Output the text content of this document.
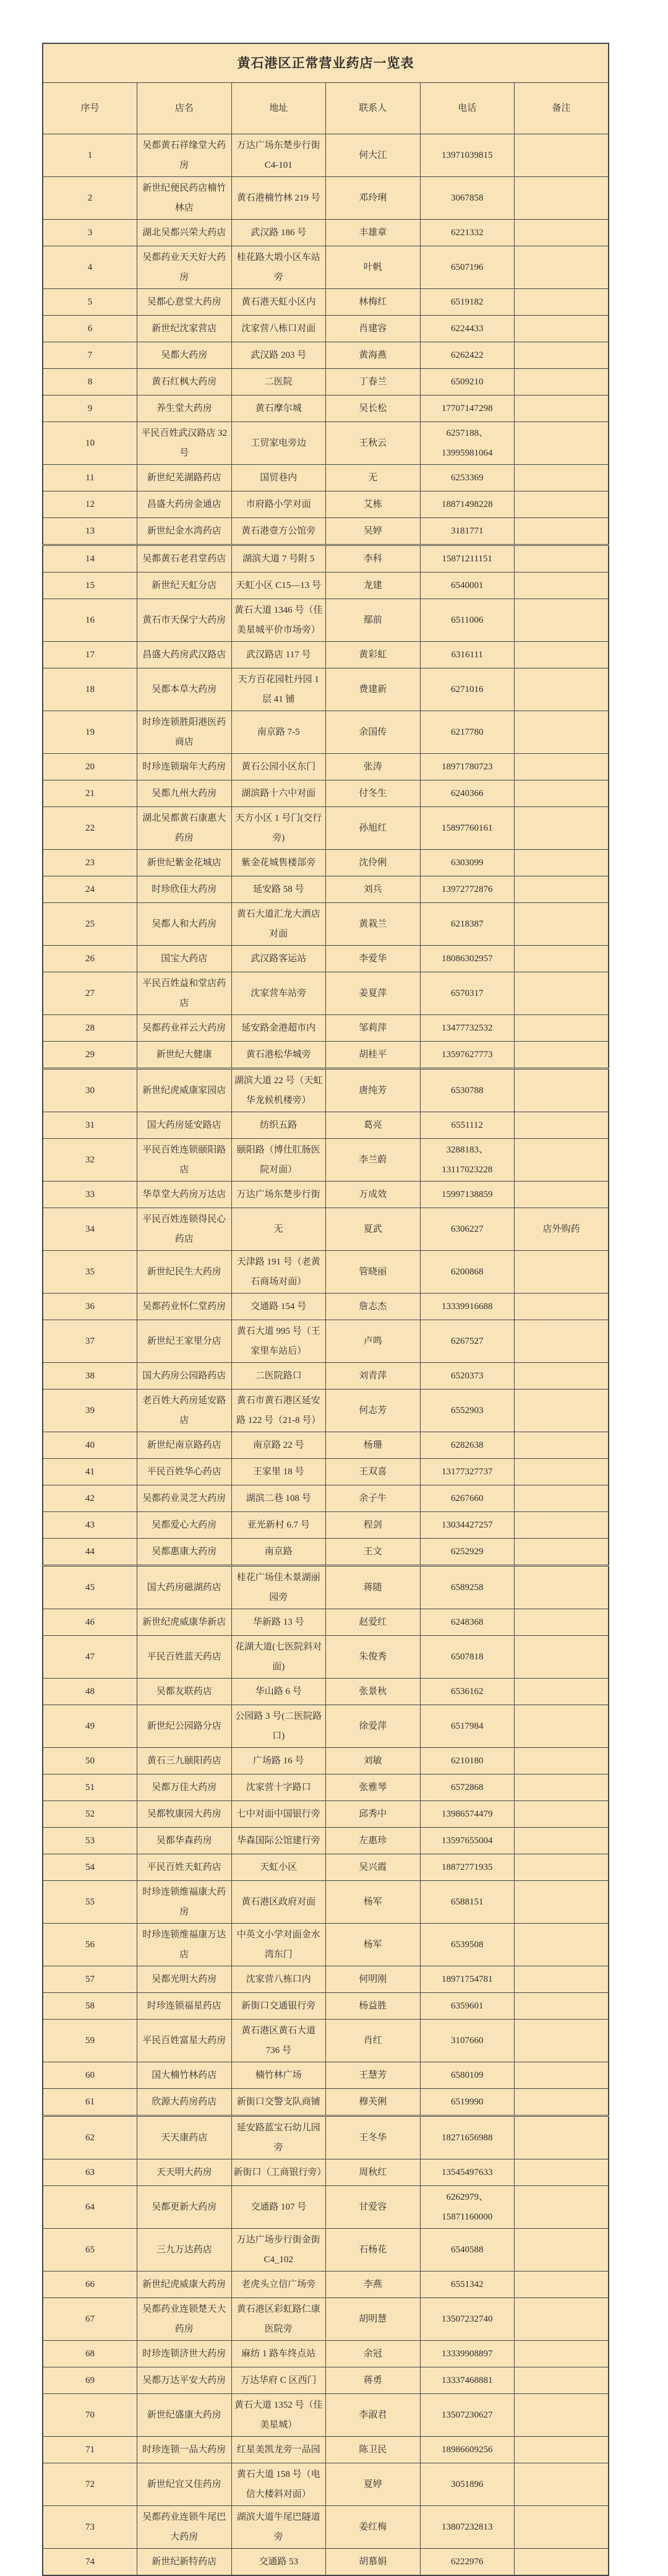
黄石港区正常营业药店一览表					
序号	店名	地址	联系人	电话	备注
1	吴都黄石祥缘堂大药房	万达广场东楚步行街 C4-101	何大江	13971039815	
2	新世纪便民药店楠竹林店	黄石港楠竹林 219 号	邓玲琍	3067858	
3	湖北吴都兴荣大药店	武汉路 186 号	丰雄章	6221332	
4	吴都药业天天好大药房	桂花路大塅小区车站旁	叶帆	6507196	
5	吴都心意堂大药房	黄石港天虹小区内	林梅红	6519182	
6	新世纪沈家营店	沈家营八栋口对面	肖建容	6224433	
7	吴都大药房	武汉路 203 号	黄海燕	6262422	
8	黄石红枫大药房	二医院	丁春兰	6509210	
9	养生堂大药房	黄石摩尔城	吴长松	17707147298	
10	平民百姓武汉路店 32 号	工贸家电旁边	王秋云	6257188、13995981064	
11	新世纪芜湖路药店	国贸巷内	无	6253369	
12	昌盛大药房金通店	市府路小学对面	艾栋	18871498228	
13	新世纪金水湾药店	黄石港壹方公馆旁	吴婷	3181771	
14	吴都黄石老君堂药店	湖滨大道 7 号附 5	李科	15871211151	
15	新世纪天虹分店	天虹小区 C15—13 号	龙建	6540001	
16	黄石市天保宁大药房	黄石大道 1346 号（佳美星城平价市场旁）	鄢前	6511006	
17	昌盛大药房武汉路店	武汉路店 117 号	黄彩虹	6316111	
18	吴都本草大药房	天方百花园牡丹园 1 层 41 铺	费建新	6271016	
19	时珍连锁胜阳港医药商店	南京路 7-5	余国传	6217780	
20	时珍连锁瑞年大药房	黄石公园小区东门	张涛	18971780723	
21	吴都九州大药房	湖滨路十六中对面	付冬生	6240366	
22	湖北吴都黄石康惠大药房	天方小区 1 号门(交行旁)	孙旭红	15897760161	
23	新世纪紫金花城店	紫金花城售楼部旁	沈伶俐	6303099	
24	时珍欣佳大药房	延安路 58 号	刘兵	13972772876	
25	吴都人和大药房	黄石大道汇龙大酒店对面	黄栽兰	6218387	
26	国宝大药店	武汉路客运站	李爱华	18086302957	
27	平民百姓益和堂店药店	沈家营车站旁	姜夏萍	6570317	
28	吴都药业祥云大药房	延安路金港超市内	邹莉萍	13477732532	
29	新世纪大健康	黄石港松华城旁	胡桂平	13597627773	
30	新世纪虎威康家园店	湖滨大道 22 号（天虹华龙候机楼旁）	唐纯芳	6530788	
31	国大药房延安路店	纺织五路	葛亮	6551112	
32	平民百姓连锁颐阳路店	颐阳路（博仕肛肠医院对面）	李兰蔚	3288183、13117023228	
33	华草堂大药房万达店	万达广场东楚步行街	万成效	15997138859	
34	平民百姓连锁得民心药店	无	夏武	6306227	店外购药
35	新世纪民生大药房	天津路 191 号（老黄石商场对面）	管晓丽	6200868	
36	吴都药业怀仁堂药房	交通路 154 号	詹志杰	13339916688	
37	新世纪王家里分店	黄石大道 995 号（王家里车站后）	卢鸣	6267527	
38	国大药房公园路药店	二医院路口	刘青萍	6520373	
39	老百姓大药房延安路店	黄石市黄石港区延安路 122 号（21-8 号）	何志芳	6552903	
40	新世纪南京路药店	南京路 22 号	杨珊	6282638	
41	平民百姓华心药店	王家里 18 号	王双喜	13177327737	
42	吴都药业灵芝大药房	湖滨二巷 108 号	余子牛	6267660	
43	吴都爱心大药房	亚光新村 6.7 号	程剑	13034427257	
44	吴都惠康大药房	南京路	王文	6252929	
45	国大药房磁湖药店	桂花广场佳木景湖丽园旁	蒋随	6589258	
46	新世纪虎威康华新店	华新路 13 号	赵爱红	6248368	
47	平民百姓蓝天药店	花湖大道(七医院斜对面)	朱俊秀	6507818	
48	吴都友联药店	华山路 6 号	张景秋	6536162	
49	新世纪公园路分店	公园路 3 号(二医院路口)	徐爱萍	6517984	
50	黄石三九颐阳药店	广场路 16 号	刘敏	6210180	
51	吴都万佳大药房	沈家营十字路口	张雅琴	6572868	
52	吴都牧康园大药房	七中对面中国银行旁	邱秀中	13986574479	
53	吴都华森药房	华森国际公馆建行旁	左惠珍	13597655004	
54	平民百姓天虹药店	天虹小区	吴兴霞	18872771935	
55	时珍连锁维福康大药房	黄石港区政府对面	杨军	6588151	
56	时珍连锁维福康万达店	中英文小学对面金水湾东门	杨军	6539508	
57	吴都光明大药房	沈家营八栋口内	何明刚	18971754781	
58	时珍连锁福星药店	新街口交通银行旁	杨益胜	6359601	
59	平民百姓富星大药房	黄石港区黄石大道 736 号	肖红	3107660	
60	国大楠竹林药店	楠竹林广场	王慧芳	6580109	
61	欣源大药房药店	新街口交警支队商铺	穆芙俐	6519990	
62	天天康药店	延安路蓝宝石幼儿园旁	王冬华	18271656988	
63	天天明大药房	新街口（工商银行旁）	周秋红	13545497633	
64	吴都更新大药房	交通路 107 号	甘爱容	6262979、15871160000	
65	三九万达药店	万达广场步行街金街 C4_102	石杨花	6540588	
66	新世纪虎威康大药房	老虎头立信广场旁	李燕	6551342	
67	吴都药业连锁楚天大药房	黄石港区彩虹路仁康医院旁	胡明慧	13507232740	
68	时珍连锁济世大药房	麻纺 1 路车终点站	余冠	13339908897	
69	吴都万达平安大药房	万达华府 C 区西门	蒋勇	13337468881	
70	新世纪盛康大药房	黄石大道 1352 号（佳美星城）	李淑君	13507230627	
71	时珍连锁一品大药房	红星美凯龙旁一品园	陈卫民	18986609256	
72	新世纪宜又佳药房	黄石大道 158 号（电信大楼斜对面）	夏婷	3051896	
73	吴都药业连锁牛尾巴大药房	湖滨大道牛尾巴隧道旁	姜红梅	13807232813	
74	新世纪新特药店	交通路 53	胡慕娟	6222976	
